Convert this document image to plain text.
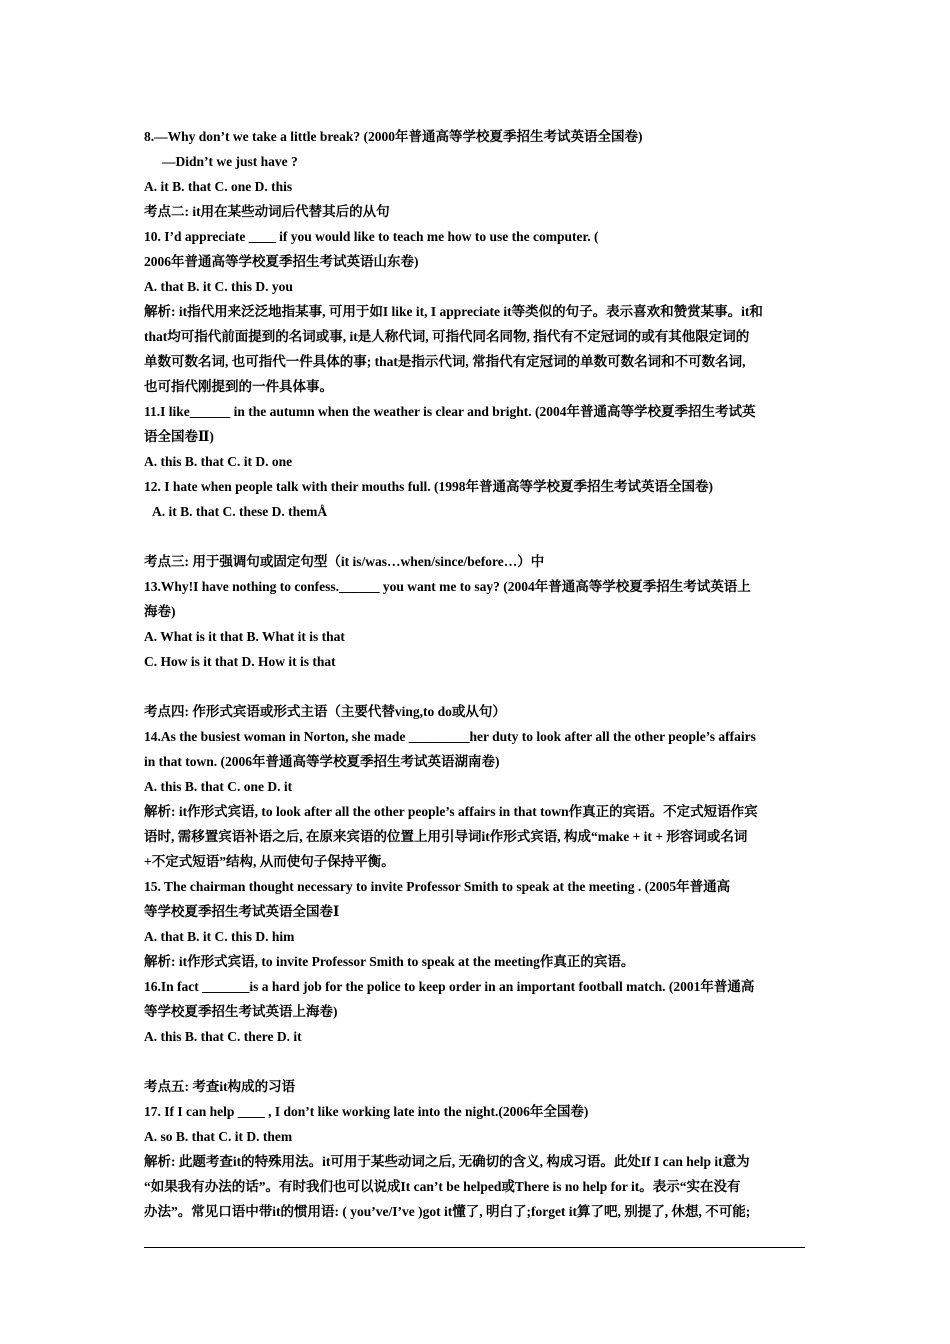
8.—Why don’t we take a little break? (2000年普通高等学校夏季招生考试英语全国卷)
—Didn’t we just have ?
A. it B. that C. one D. this
考点二: it用在某些动词后代替其后的从句
10. I’d appreciate ____ if you would like to teach me how to use the computer. (
2006年普通高等学校夏季招生考试英语山东卷)
A. that B. it C. this D. you
解析: it指代用来泛泛地指某事, 可用于如I like it, I appreciate it等类似的句子。表示喜欢和赞赏某事。it和
that均可指代前面提到的名词或事, it是人称代词, 可指代同名同物, 指代有不定冠词的或有其他限定词的
单数可数名词, 也可指代一件具体的事; that是指示代词, 常指代有定冠词的单数可数名词和不可数名词,
也可指代刚提到的一件具体事。
11.I like______ in the autumn when the weather is clear and bright. (2004年普通高等学校夏季招生考试英
语全国卷Ⅱ)
A. this B. that C. it D. one
12. I hate when people talk with their mouths full. (1998年普通高等学校夏季招生考试英语全国卷)
A. it B. that C. these D. themÅ
考点三: 用于强调句或固定句型（it is/was…when/since/before…）中
13.Why!I have nothing to confess.______ you want me to say? (2004年普通高等学校夏季招生考试英语上
海卷)
A. What is it that B. What it is that
C. How is it that D. How it is that
考点四: 作形式宾语或形式主语（主要代替ving,to do或从句）
14.As the busiest woman in Norton, she made _________her duty to look after all the other people’s affairs
in that town. (2006年普通高等学校夏季招生考试英语湖南卷)
A. this B. that C. one D. it
解析: it作形式宾语, to look after all the other people’s affairs in that town作真正的宾语。不定式短语作宾
语时, 需移置宾语补语之后, 在原来宾语的位置上用引导词it作形式宾语, 构成“make + it + 形容词或名词
+不定式短语”结构, 从而使句子保持平衡。
15. The chairman thought necessary to invite Professor Smith to speak at the meeting . (2005年普通高
等学校夏季招生考试英语全国卷Ⅰ
A. that B. it C. this D. him
解析: it作形式宾语, to invite Professor Smith to speak at the meeting作真正的宾语。
16.In fact _______is a hard job for the police to keep order in an important football match. (2001年普通高
等学校夏季招生考试英语上海卷)
A. this B. that C. there D. it
考点五: 考查it构成的习语
17. If I can help ____ , I don’t like working late into the night.(2006年全国卷)
A. so B. that C. it D. them
解析: 此题考查it的特殊用法。it可用于某些动词之后, 无确切的含义, 构成习语。此处If I can help it意为
“如果我有办法的话”。有时我们也可以说成It can’t be helped或There is no help for it。表示“实在没有
办法”。常见口语中带it的惯用语: ( you’ve/I’ve )got it懂了, 明白了;forget it算了吧, 别提了, 休想, 不可能;
